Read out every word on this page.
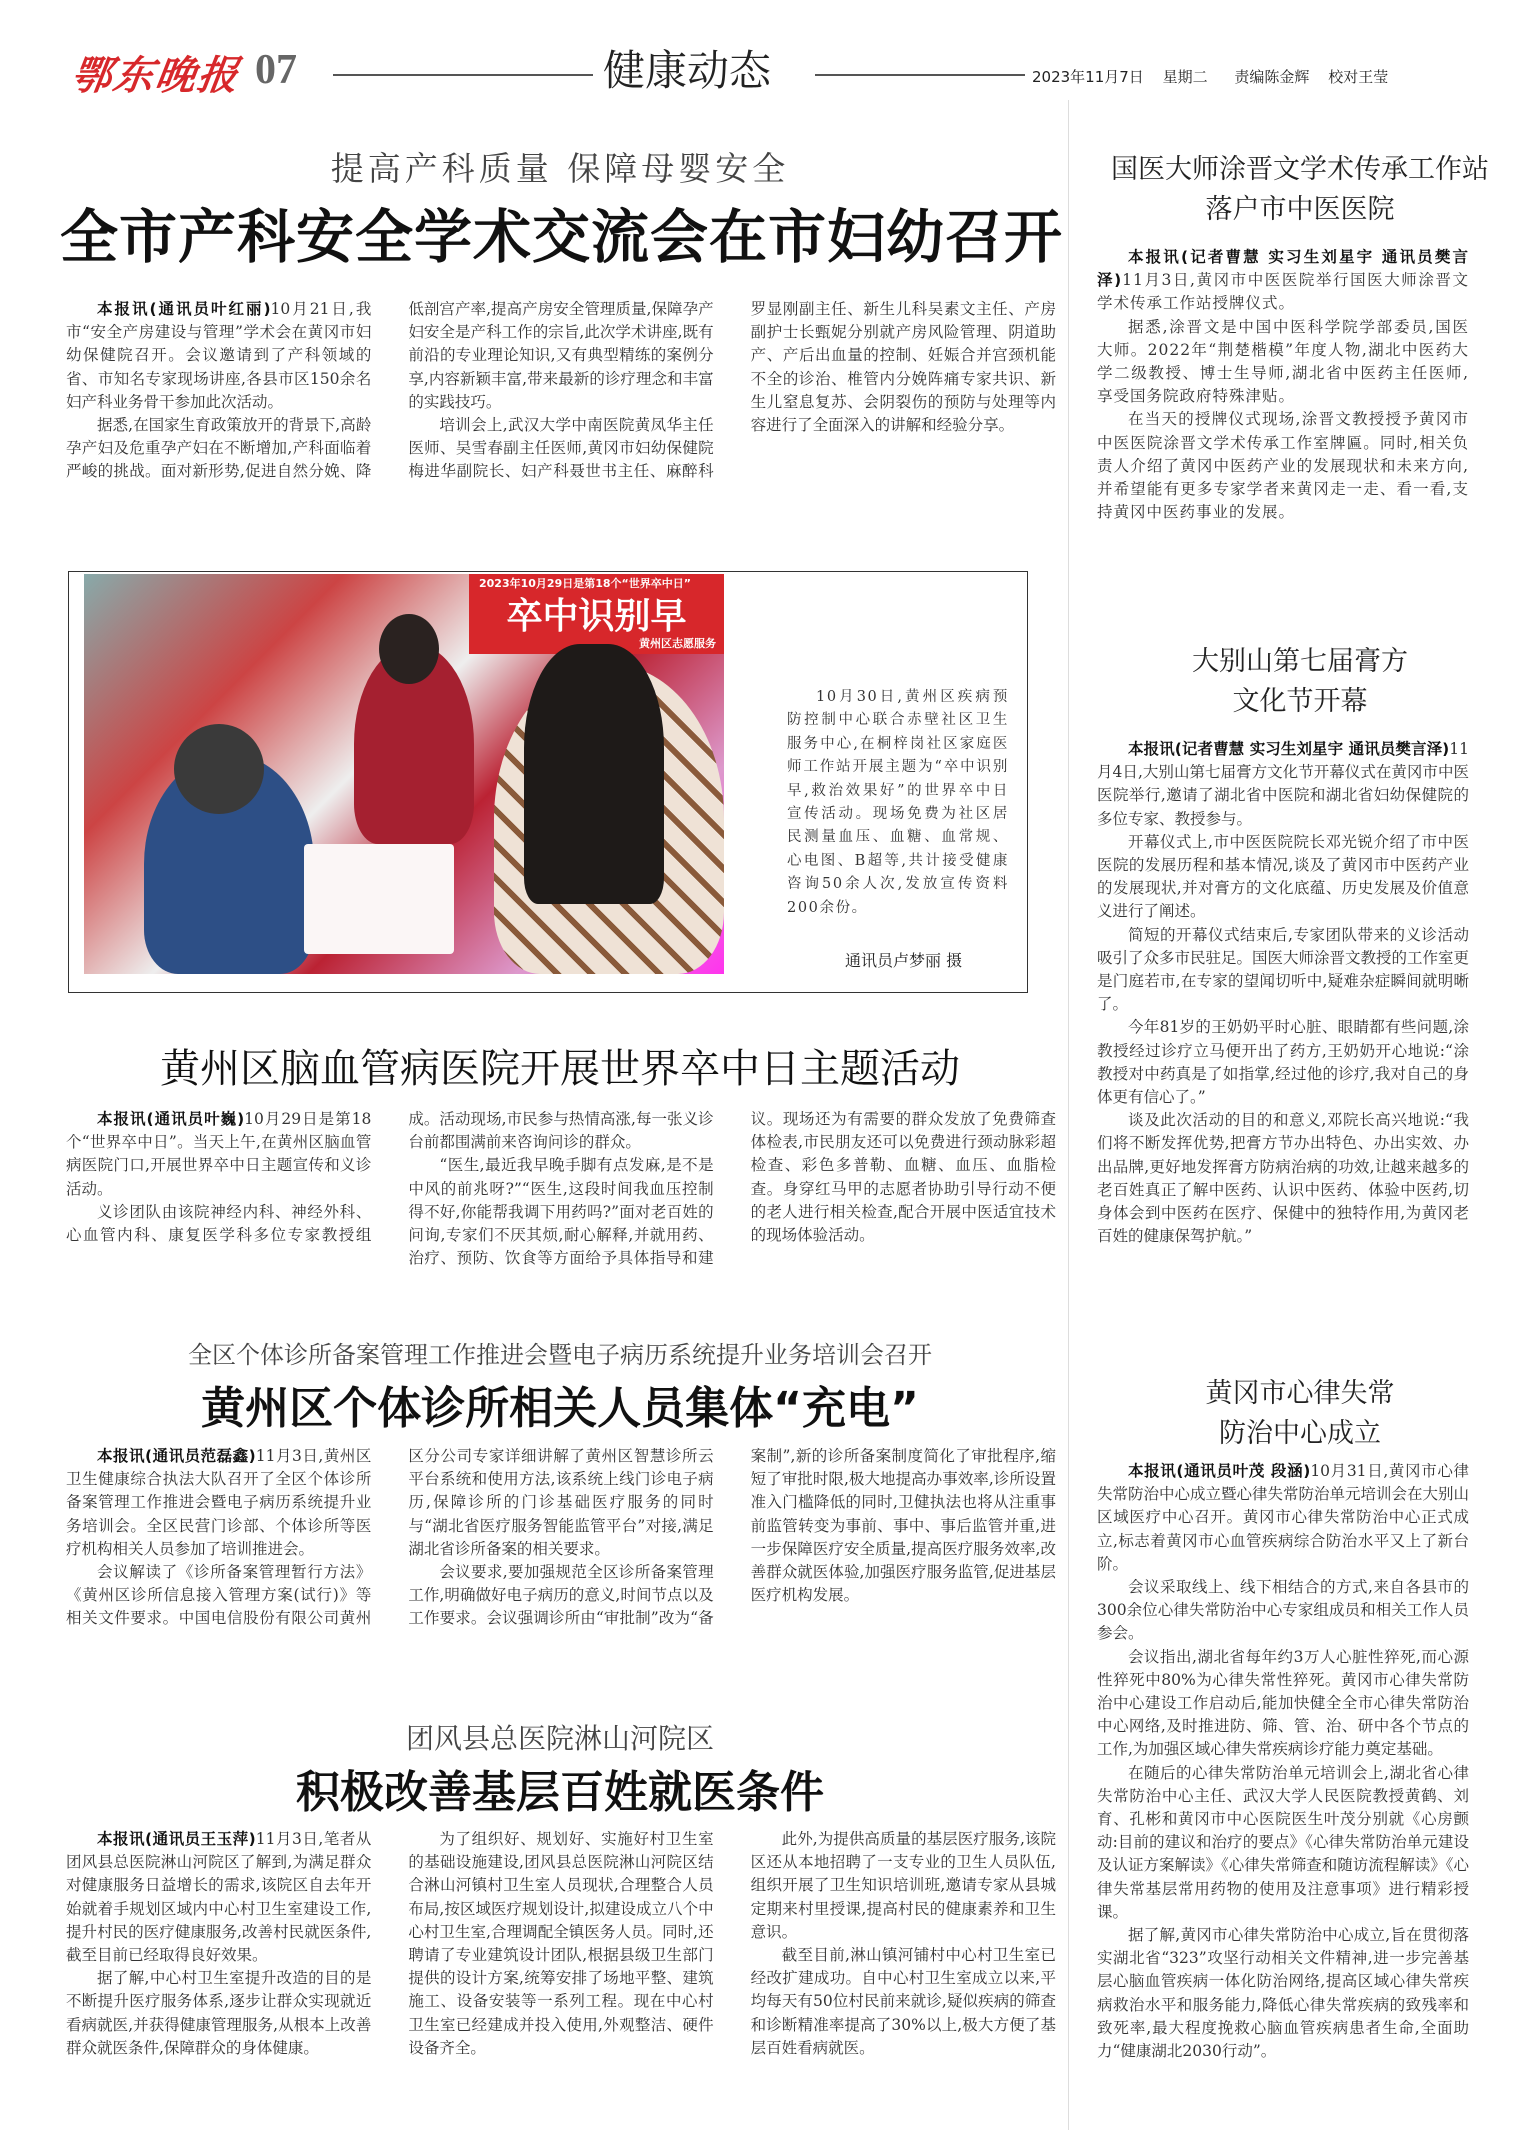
鄂东晚报 07	健康动态	2023年11月7日 星期二 责编陈金辉 校对王莹
提高产科质量 保障母婴安全
全市产科安全学术交流会在市妇幼召开

本报讯(通讯员叶红丽)10月21日,我市“安全产房建设与管理”学术会在黄冈市妇幼保健院召开。会议邀请到了产科领域的省、市知名专家现场讲座,各县市区150余名妇产科业务骨干参加此次活动。

据悉,在国家生育政策放开的背景下,高龄孕产妇及危重孕产妇在不断增加,产科面临着严峻的挑战。面对新形势,促进自然分娩、降低剖宫产率,提高产房安全管理质量,保障孕产妇安全是产科工作的宗旨,此次学术讲座,既有前沿的专业理论知识,又有典型精练的案例分享,内容新颖丰富,带来最新的诊疗理念和丰富的实践技巧。

培训会上,武汉大学中南医院黄凤华主任医师、吴雪春副主任医师,黄冈市妇幼保健院梅进华副院长、妇产科聂世书主任、麻醉科罗显刚副主任、新生儿科吴素文主任、产房副护士长甄妮分别就产房风险管理、阴道助产、产后出血量的控制、妊娠合并宫颈机能不全的诊治、椎管内分娩阵痛专家共识、新生儿窒息复苏、会阴裂伤的预防与处理等内容进行了全面深入的讲解和经验分享。

2023年10月29日是第18个“世界卒中日”
卒中识别早
黄州区志愿服务

10月30日,黄州区疾病预防控制中心联合赤壁社区卫生服务中心,在桐梓岗社区家庭医师工作站开展主题为“卒中识别早,救治效果好”的世界卒中日宣传活动。现场免费为社区居民测量血压、血糖、血常规、心电图、B超等,共计接受健康咨询50余人次,发放宣传资料200余份。

通讯员卢梦丽 摄
黄州区脑血管病医院开展世界卒中日主题活动

本报讯(通讯员叶巍)10月29日是第18个“世界卒中日”。当天上午,在黄州区脑血管病医院门口,开展世界卒中日主题宣传和义诊活动。

义诊团队由该院神经内科、神经外科、心血管内科、康复医学科多位专家教授组成。活动现场,市民参与热情高涨,每一张义诊台前都围满前来咨询问诊的群众。

“医生,最近我早晚手脚有点发麻,是不是中风的前兆呀?”“医生,这段时间我血压控制得不好,你能帮我调下用药吗?”面对老百姓的问询,专家们不厌其烦,耐心解释,并就用药、治疗、预防、饮食等方面给予具体指导和建议。现场还为有需要的群众发放了免费筛查体检表,市民朋友还可以免费进行颈动脉彩超检查、彩色多普勒、血糖、血压、血脂检查。身穿红马甲的志愿者协助引导行动不便的老人进行相关检查,配合开展中医适宜技术的现场体验活动。

全区个体诊所备案管理工作推进会暨电子病历系统提升业务培训会召开
黄州区个体诊所相关人员集体“充电”

本报讯(通讯员范磊鑫)11月3日,黄州区卫生健康综合执法大队召开了全区个体诊所备案管理工作推进会暨电子病历系统提升业务培训会。全区民营门诊部、个体诊所等医疗机构相关人员参加了培训推进会。

会议解读了《诊所备案管理暂行方法》《黄州区诊所信息接入管理方案(试行)》等相关文件要求。中国电信股份有限公司黄州区分公司专家详细讲解了黄州区智慧诊所云平台系统和使用方法,该系统上线门诊电子病历,保障诊所的门诊基础医疗服务的同时与“湖北省医疗服务智能监管平台”对接,满足湖北省诊所备案的相关要求。

会议要求,要加强规范全区诊所备案管理工作,明确做好电子病历的意义,时间节点以及工作要求。会议强调诊所由“审批制”改为“备案制”,新的诊所备案制度简化了审批程序,缩短了审批时限,极大地提高办事效率,诊所设置准入门槛降低的同时,卫健执法也将从注重事前监管转变为事前、事中、事后监管并重,进一步保障医疗安全质量,提高医疗服务效率,改善群众就医体验,加强医疗服务监管,促进基层医疗机构发展。

团风县总医院淋山河院区
积极改善基层百姓就医条件

本报讯(通讯员王玉萍)11月3日,笔者从团风县总医院淋山河院区了解到,为满足群众对健康服务日益增长的需求,该院区自去年开始就着手规划区域内中心村卫生室建设工作,提升村民的医疗健康服务,改善村民就医条件,截至目前已经取得良好效果。

据了解,中心村卫生室提升改造的目的是不断提升医疗服务体系,逐步让群众实现就近看病就医,并获得健康管理服务,从根本上改善群众就医条件,保障群众的身体健康。

为了组织好、规划好、实施好村卫生室的基础设施建设,团风县总医院淋山河院区结合淋山河镇村卫生室人员现状,合理整合人员布局,按区域医疗规划设计,拟建设成立八个中心村卫生室,合理调配全镇医务人员。同时,还聘请了专业建筑设计团队,根据县级卫生部门提供的设计方案,统筹安排了场地平整、建筑施工、设备安装等一系列工程。现在中心村卫生室已经建成并投入使用,外观整洁、硬件设备齐全。

此外,为提供高质量的基层医疗服务,该院区还从本地招聘了一支专业的卫生人员队伍,组织开展了卫生知识培训班,邀请专家从县城定期来村里授课,提高村民的健康素养和卫生意识。

截至目前,淋山镇河铺村中心村卫生室已经改扩建成功。自中心村卫生室成立以来,平均每天有50位村民前来就诊,疑似疾病的筛查和诊断精准率提高了30%以上,极大方便了基层百姓看病就医。

国医大师涂晋文学术传承工作站
落户市中医医院

本报讯(记者曹慧 实习生刘星宇 通讯员樊言泽)11月3日,黄冈市中医医院举行国医大师涂晋文学术传承工作站授牌仪式。

据悉,涂晋文是中国中医科学院学部委员,国医大师。2022年“荆楚楷模”年度人物,湖北中医药大学二级教授、博士生导师,湖北省中医药主任医师,享受国务院政府特殊津贴。

在当天的授牌仪式现场,涂晋文教授授予黄冈市中医医院涂晋文学术传承工作室牌匾。同时,相关负责人介绍了黄冈中医药产业的发展现状和未来方向,并希望能有更多专家学者来黄冈走一走、看一看,支持黄冈中医药事业的发展。

大别山第七届膏方
文化节开幕

本报讯(记者曹慧 实习生刘星宇 通讯员樊言泽)11月4日,大别山第七届膏方文化节开幕仪式在黄冈市中医医院举行,邀请了湖北省中医院和湖北省妇幼保健院的多位专家、教授参与。

开幕仪式上,市中医医院院长邓光锐介绍了市中医医院的发展历程和基本情况,谈及了黄冈市中医药产业的发展现状,并对膏方的文化底蕴、历史发展及价值意义进行了阐述。

简短的开幕仪式结束后,专家团队带来的义诊活动吸引了众多市民驻足。国医大师涂晋文教授的工作室更是门庭若市,在专家的望闻切听中,疑难杂症瞬间就明晰了。

今年81岁的王奶奶平时心脏、眼睛都有些问题,涂教授经过诊疗立马便开出了药方,王奶奶开心地说:“涂教授对中药真是了如指掌,经过他的诊疗,我对自己的身体更有信心了。”

谈及此次活动的目的和意义,邓院长高兴地说:“我们将不断发挥优势,把膏方节办出特色、办出实效、办出品牌,更好地发挥膏方防病治病的功效,让越来越多的老百姓真正了解中医药、认识中医药、体验中医药,切身体会到中医药在医疗、保健中的独特作用,为黄冈老百姓的健康保驾护航。”

黄冈市心律失常
防治中心成立

本报讯(通讯员叶茂 段涵)10月31日,黄冈市心律失常防治中心成立暨心律失常防治单元培训会在大别山区域医疗中心召开。黄冈市心律失常防治中心正式成立,标志着黄冈市心血管疾病综合防治水平又上了新台阶。

会议采取线上、线下相结合的方式,来自各县市的300余位心律失常防治中心专家组成员和相关工作人员参会。

会议指出,湖北省每年约3万人心脏性猝死,而心源性猝死中80%为心律失常性猝死。黄冈市心律失常防治中心建设工作启动后,能加快健全全市心律失常防治中心网络,及时推进防、筛、管、治、研中各个节点的工作,为加强区域心律失常疾病诊疗能力奠定基础。

在随后的心律失常防治单元培训会上,湖北省心律失常防治中心主任、武汉大学人民医院教授黄鹤、刘育、孔彬和黄冈市中心医院医生叶茂分别就《心房颤动:目前的建议和治疗的要点》《心律失常防治单元建设及认证方案解读》《心律失常筛查和随访流程解读》《心律失常基层常用药物的使用及注意事项》进行精彩授课。

据了解,黄冈市心律失常防治中心成立,旨在贯彻落实湖北省“323”攻坚行动相关文件精神,进一步完善基层心脑血管疾病一体化防治网络,提高区域心律失常疾病救治水平和服务能力,降低心律失常疾病的致残率和致死率,最大程度挽救心脑血管疾病患者生命,全面助力“健康湖北2030行动”。
